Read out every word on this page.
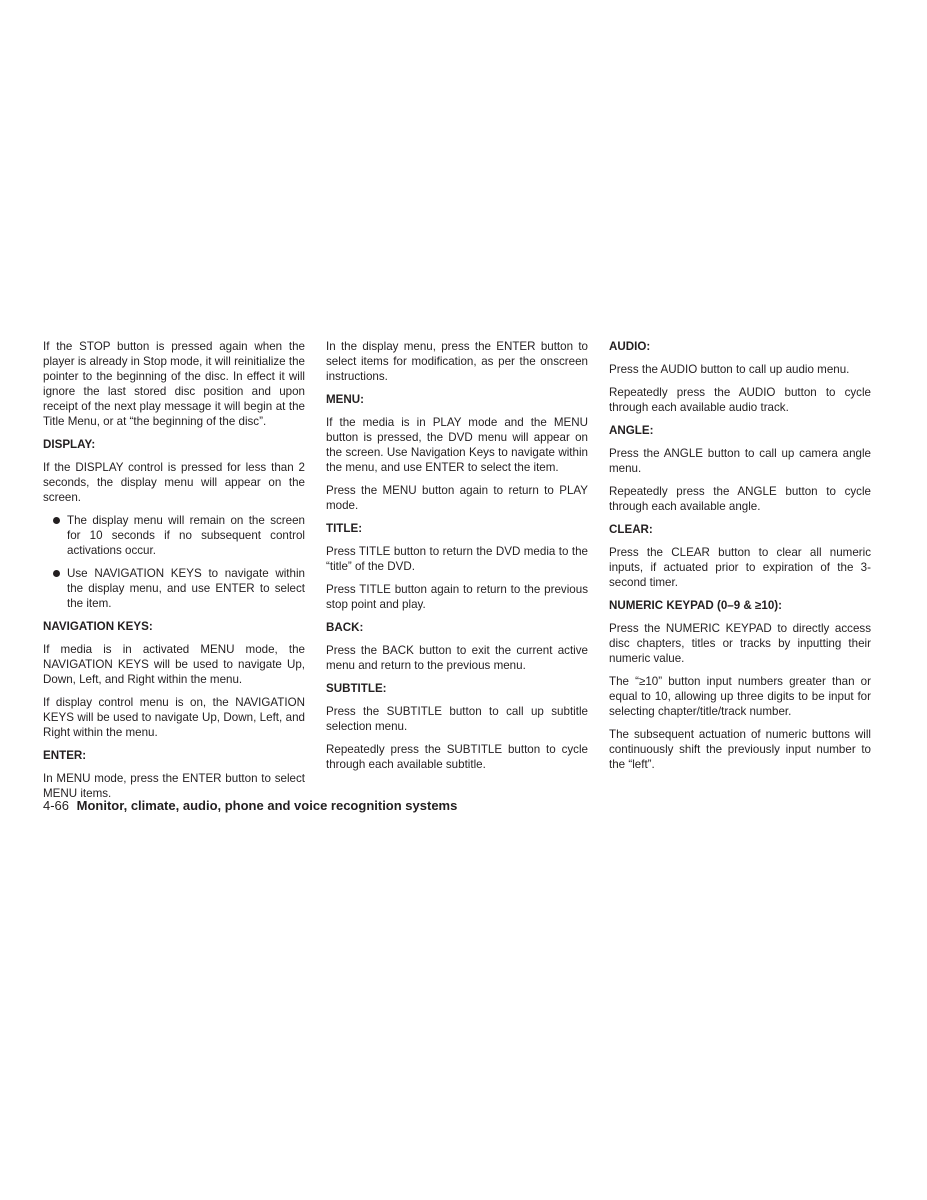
If the STOP button is pressed again when the player is already in Stop mode, it will reinitialize the pointer to the beginning of the disc. In effect it will ignore the last stored disc position and upon receipt of the next play message it will begin at the Title Menu, or at “the beginning of the disc”.

DISPLAY:

If the DISPLAY control is pressed for less than 2 seconds, the display menu will appear on the screen.

The display menu will remain on the screen for 10 seconds if no subsequent control activations occur.
Use NAVIGATION KEYS to navigate within the display menu, and use ENTER to select the item.

NAVIGATION KEYS:

If media is in activated MENU mode, the NAVIGATION KEYS will be used to navigate Up, Down, Left, and Right within the menu.

If display control menu is on, the NAVIGATION KEYS will be used to navigate Up, Down, Left, and Right within the menu.

ENTER:

In MENU mode, press the ENTER button to select MENU items.

In the display menu, press the ENTER button to select items for modification, as per the onscreen instructions.

MENU:

If the media is in PLAY mode and the MENU button is pressed, the DVD menu will appear on the screen. Use Navigation Keys to navigate within the menu, and use ENTER to select the item.

Press the MENU button again to return to PLAY mode.

TITLE:

Press TITLE button to return the DVD media to the “title” of the DVD.

Press TITLE button again to return to the previous stop point and play.

BACK:

Press the BACK button to exit the current active menu and return to the previous menu.

SUBTITLE:

Press the SUBTITLE button to call up subtitle selection menu.

Repeatedly press the SUBTITLE button to cycle through each available subtitle.

AUDIO:

Press the AUDIO button to call up audio menu.

Repeatedly press the AUDIO button to cycle through each available audio track.

ANGLE:

Press the ANGLE button to call up camera angle menu.

Repeatedly press the ANGLE button to cycle through each available angle.

CLEAR:

Press the CLEAR button to clear all numeric inputs, if actuated prior to expiration of the 3-second timer.

NUMERIC KEYPAD (0–9 & ≥10):

Press the NUMERIC KEYPAD to directly access disc chapters, titles or tracks by inputting their numeric value.

The “≥10” button input numbers greater than or equal to 10, allowing up three digits to be input for selecting chapter/title/track number.

The subsequent actuation of numeric buttons will continuously shift the previously input number to the “left”.

4-66 Monitor, climate, audio, phone and voice recognition systems
